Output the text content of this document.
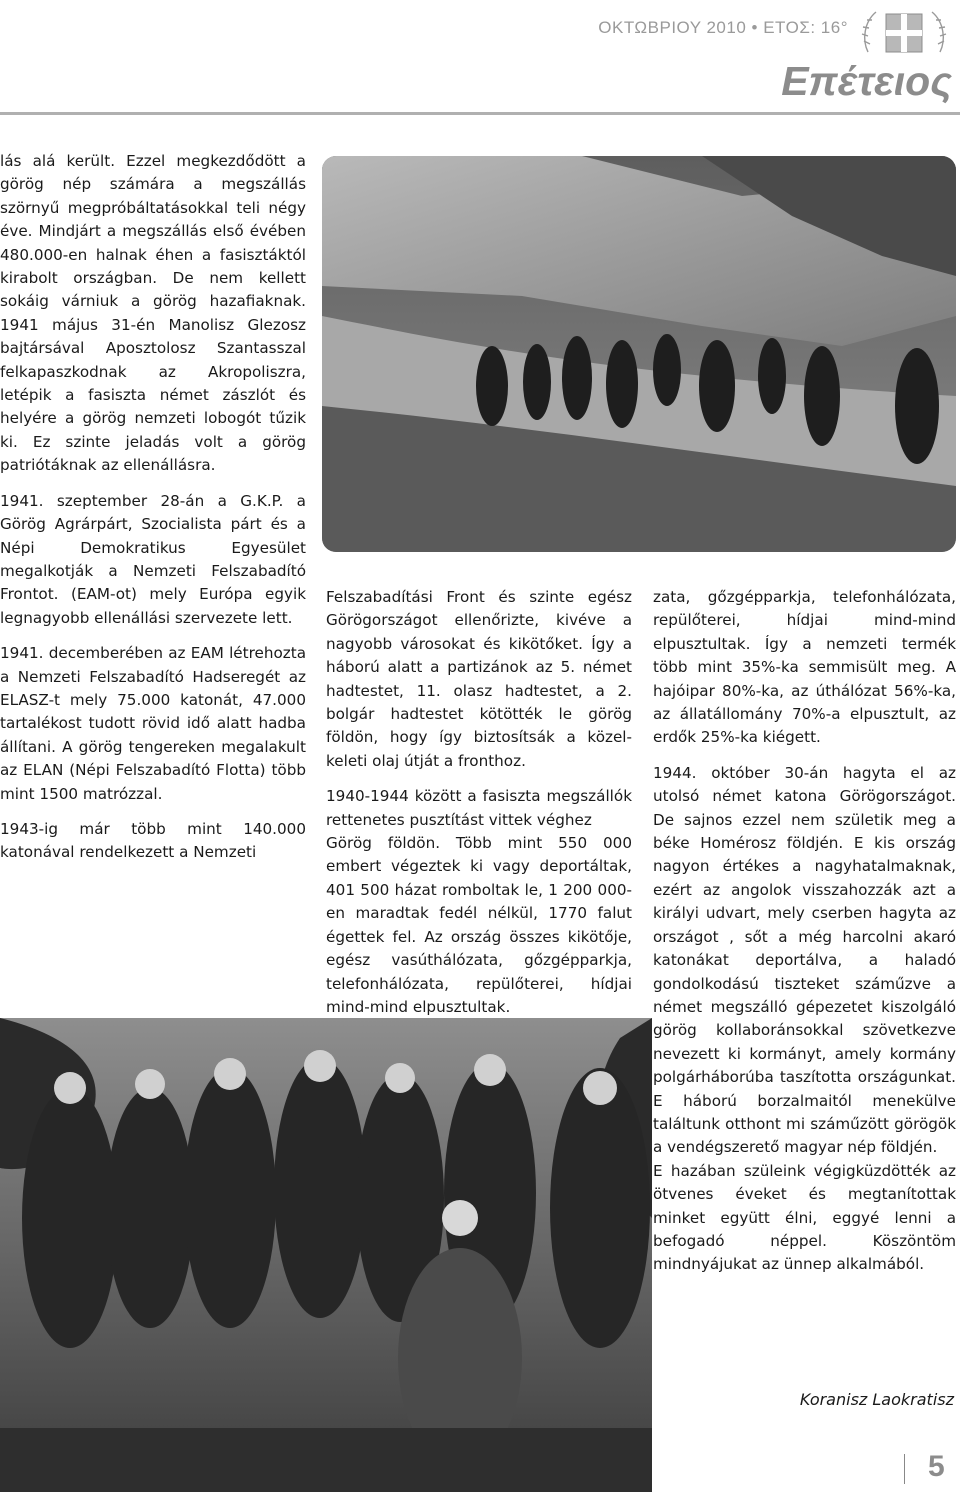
ΟΚΤΩΒΡΙΟΥ 2010 • ΕΤΟΣ: 16°
Επέτειος

lás alá került. Ezzel megkezdődött a görög nép számára a megszállás szörnyű megpróbáltatásokkal teli négy éve. Mindjárt a megszállás első évében 480.000-en halnak éhen a fasisztáktól kirabolt országban. De nem kellett sokáig várniuk a görög hazafiaknak. 1941 május 31-én Manolisz Glezosz bajtársával Aposztolosz Szantasszal felkapaszkodnak az Akropoliszra, letépik a fasiszta német zászlót és helyére a görög nemzeti lobogót tűzik ki. Ez szinte jeladás volt a görög patriótáknak az ellenállásra.

1941. szeptember 28-án a G.K.P. a Görög Agrárpárt, Szocialista párt és a Népi Demokratikus Egyesület megalkotják a Nemzeti Felszabadító Frontot. (EAM-ot) mely Európa egyik legnagyobb ellenállási szervezete lett.

1941. decemberében az EAM létrehozta a Nemzeti Felszabadító Hadseregét az ELASZ-t mely 75.000 katonát, 47.000 tartalékost tudott rövid idő alatt hadba állítani. A görög tengereken megalakult az ELAN (Népi Felszabadító Flotta) több mint 1500 matrózzal.

1943-ig már több mint 140.000 katonával rendelkezett a Nemzeti

Felszabadítási Front és szinte egész Görögországot ellenőrizte, kivéve a nagyobb városokat és kikötőket. Így a háború alatt a partizánok az 5. német hadtestet, 11. olasz hadtestet, a 2. bolgár hadtestet kötötték le görög földön, hogy így biztosítsák a közel-keleti olaj útját a fronthoz.

1940-1944 között a fasiszta megszállók rettenetes pusztítást vittek véghez

Görög földön. Több mint 550 000 embert végeztek ki vagy deportáltak, 401 500 házat romboltak le, 1 200 000-en maradtak fedél nélkül, 1770 falut égettek fel. Az ország összes kikötője, egész vasúthálózata, gőzgépparkja, telefonhálózata, repülőterei, hídjai mind-mind elpusztultak.

zata, gőzgépparkja, telefonhálózata, repülőterei, hídjai mind-mind elpusztultak. Így a nemzeti termék több mint 35%-ka semmisült meg. A hajóipar 80%-ka, az úthálózat 56%-ka, az állatállomány 70%-a elpusztult, az erdők 25%-ka kiégett.

1944. október 30-án hagyta el az utolsó német katona Görögországot. De sajnos ezzel nem születik meg a béke Homérosz földjén. E kis ország nagyon értékes a nagyhatalmaknak, ezért az angolok visszahozzák azt a királyi udvart, mely cserben hagyta az országot , sőt a még harcolni akaró katonákat deportálva, a haladó gondolkodású tiszteket száműzve a német megszálló gépezetet kiszolgáló görög kollaboránsokkal szövetkezve nevezett ki kormányt, amely kormány polgárháborúba taszította országunkat. E háború borzalmaitól menekülve találtunk otthont mi száműzött görögök a vendégszerető magyar nép földjén.

E hazában szüleink végigküzdötték az ötvenes éveket és megtanítottak minket együtt élni, eggyé lenni a befogadó néppel. Köszöntöm mindnyájukat az ünnep alkalmából.

Koranisz Laokratisz
5
